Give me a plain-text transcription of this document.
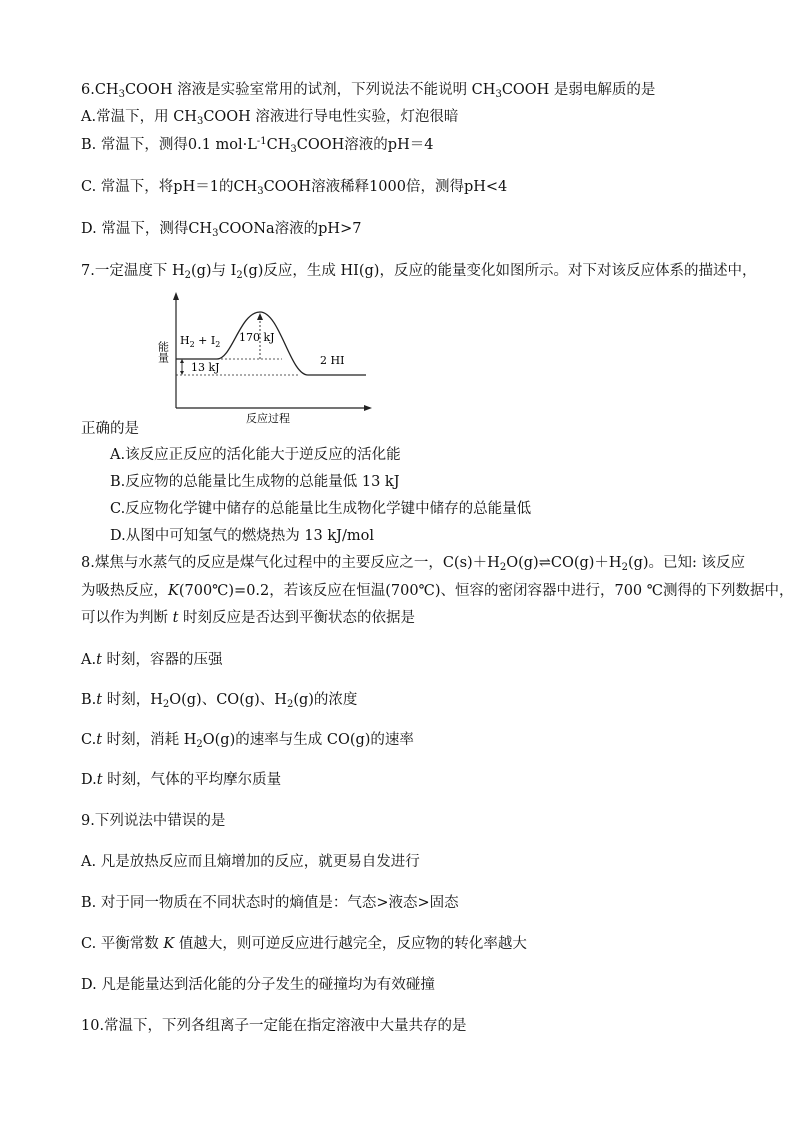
$6.CH_3COOH$ 溶液是实验室常用的试剂，下列说法不能说明 $CH_3COOH$ 是弱电解质的是
A.常温下，用 $CH_3COOH$ 溶液进行导电性实验，灯泡很暗
B. 常温下，测得0.1 $mol\cdot L^{-1}CH_3COOH$溶液的pH＝4
C. 常温下，将pH＝1的$CH_3COOH$溶液稀释1000倍，测得pH<4
D. 常温下，测得$CH_3COONa$溶液的pH>7
7.一定温度下 $H_2(g)$与 $I_2(g)$反应，生成 HI(g)，反应的能量变化如图所示。对下对该反应体系的描述中，
能量
反应过程
$H_2 + I_2$
170 kJ
13 kJ
2 HI
正确的是
A.该反应正反应的活化能大于逆反应的活化能
B.反应物的总能量比生成物的总能量低 13 kJ
C.反应物化学键中储存的总能量比生成物化学键中储存的总能量低
D.从图中可知氢气的燃烧热为 13 kJ/mol
8.煤焦与水蒸气的反应是煤气化过程中的主要反应之一，$C(s)+H_2O(g)\rightleftharpoons CO(g)+H_2(g)$。已知: 该反应
为吸热反应，K(700℃)=0.2，若该反应在恒温(700℃)、恒容的密闭容器中进行，700 ℃测得的下列数据中，
可以作为判断 t 时刻反应是否达到平衡状态的依据是
A.t 时刻，容器的压强
B.t 时刻，$H_2O(g)$、CO(g)、$H_2(g)$的浓度
C.t 时刻，消耗 $H_2O(g)$的速率与生成 CO(g)的速率
D.t 时刻，气体的平均摩尔质量
9.下列说法中错误的是
A. 凡是放热反应而且熵增加的反应，就更易自发进行
B. 对于同一物质在不同状态时的熵值是：气态>液态>固态
C. 平衡常数 K 值越大，则可逆反应进行越完全，反应物的转化率越大
D. 凡是能量达到活化能的分子发生的碰撞均为有效碰撞
10.常温下，下列各组离子一定能在指定溶液中大量共存的是
